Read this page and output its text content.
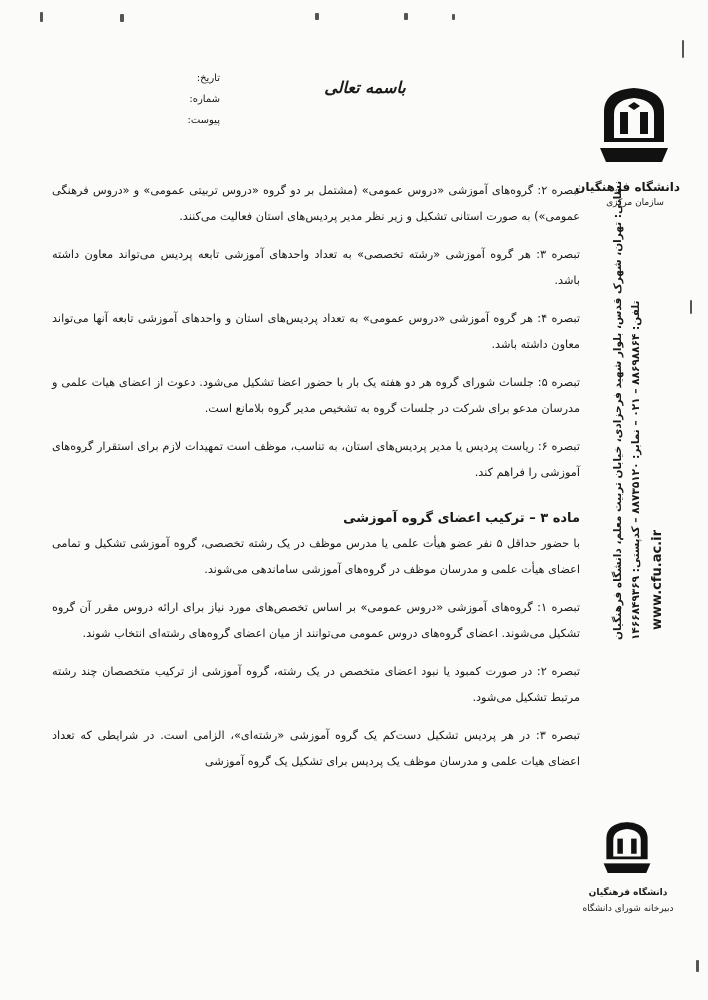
باسمه تعالی
تاریخ:
شماره:
پیوست:
دانشگاه فرهنگیان
سازمان مرکزی
نشانی: تهران، شهرک قدس، بلوار شهید فرحزادی، خیابان تربیت معلم، دانشگاه فرهنگیان تلفن: ۸۸۶۹۸۸۶۴ – ۰۲۱ – نمابر: ۸۸۷۳۵۱۲۰ – کدپستی: ۱۴۶۶۸۴۹۳۶۹
www.cfu.ac.ir
دانشگاه فرهنگیان
دبیرخانه شورای دانشگاه

تبصره ۲: گروه‌های آموزشی «دروس عمومی» (مشتمل بر دو گروه «دروس تربیتی عمومی» و «دروس فرهنگی عمومی») به صورت استانی تشکیل و زیر نظر مدیر پردیس‌های استان فعالیت می‌کنند.

تبصره ۳: هر گروه آموزشی «رشته تخصصی» به تعداد واحدهای آموزشی تابعه پردیس می‌تواند معاون داشته باشد.

تبصره ۴: هر گروه آموزشی «دروس عمومی» به تعداد پردیس‌های استان و واحدهای آموزشی تابعه آنها می‌تواند معاون داشته باشد.

تبصره ۵: جلسات شورای گروه هر دو هفته یک بار با حضور اعضا تشکیل می‌شود. دعوت از اعضای هیات علمی و مدرسان مدعو برای شرکت در جلسات گروه به تشخیص مدیر گروه بلامانع است.

تبصره ۶: ریاست پردیس یا مدیر پردیس‌های استان، به تناسب، موظف است تمهیدات لازم برای استقرار گروه‌های آموزشی را فراهم کند.

ماده ۳ – ترکیب اعضای گروه آموزشی

با حضور حداقل ۵ نفر عضو هیأت علمی یا مدرس موظف در یک رشته تخصصی، گروه آموزشی تشکیل و تمامی اعضای هیأت علمی و مدرسان موظف در گروه‌های آموزشی ساماندهی می‌شوند.

تبصره ۱: گروه‌های آموزشی «دروس عمومی» بر اساس تخصص‌های مورد نیاز برای ارائه دروس مقرر آن گروه تشکیل می‌شوند. اعضای گروه‌های دروس عمومی می‌توانند از میان اعضای گروه‌های رشته‌ای انتخاب شوند.

تبصره ۲: در صورت کمبود یا نبود اعضای متخصص در یک رشته، گروه آموزشی از ترکیب متخصصان چند رشته مرتبط تشکیل می‌شود.

تبصره ۳: در هر پردیس تشکیل دست‌کم یک گروه آموزشی «رشته‌ای»، الزامی است. در شرایطی که تعداد اعضای هیات علمی و مدرسان موظف یک پردیس برای تشکیل یک گروه آموزشی
